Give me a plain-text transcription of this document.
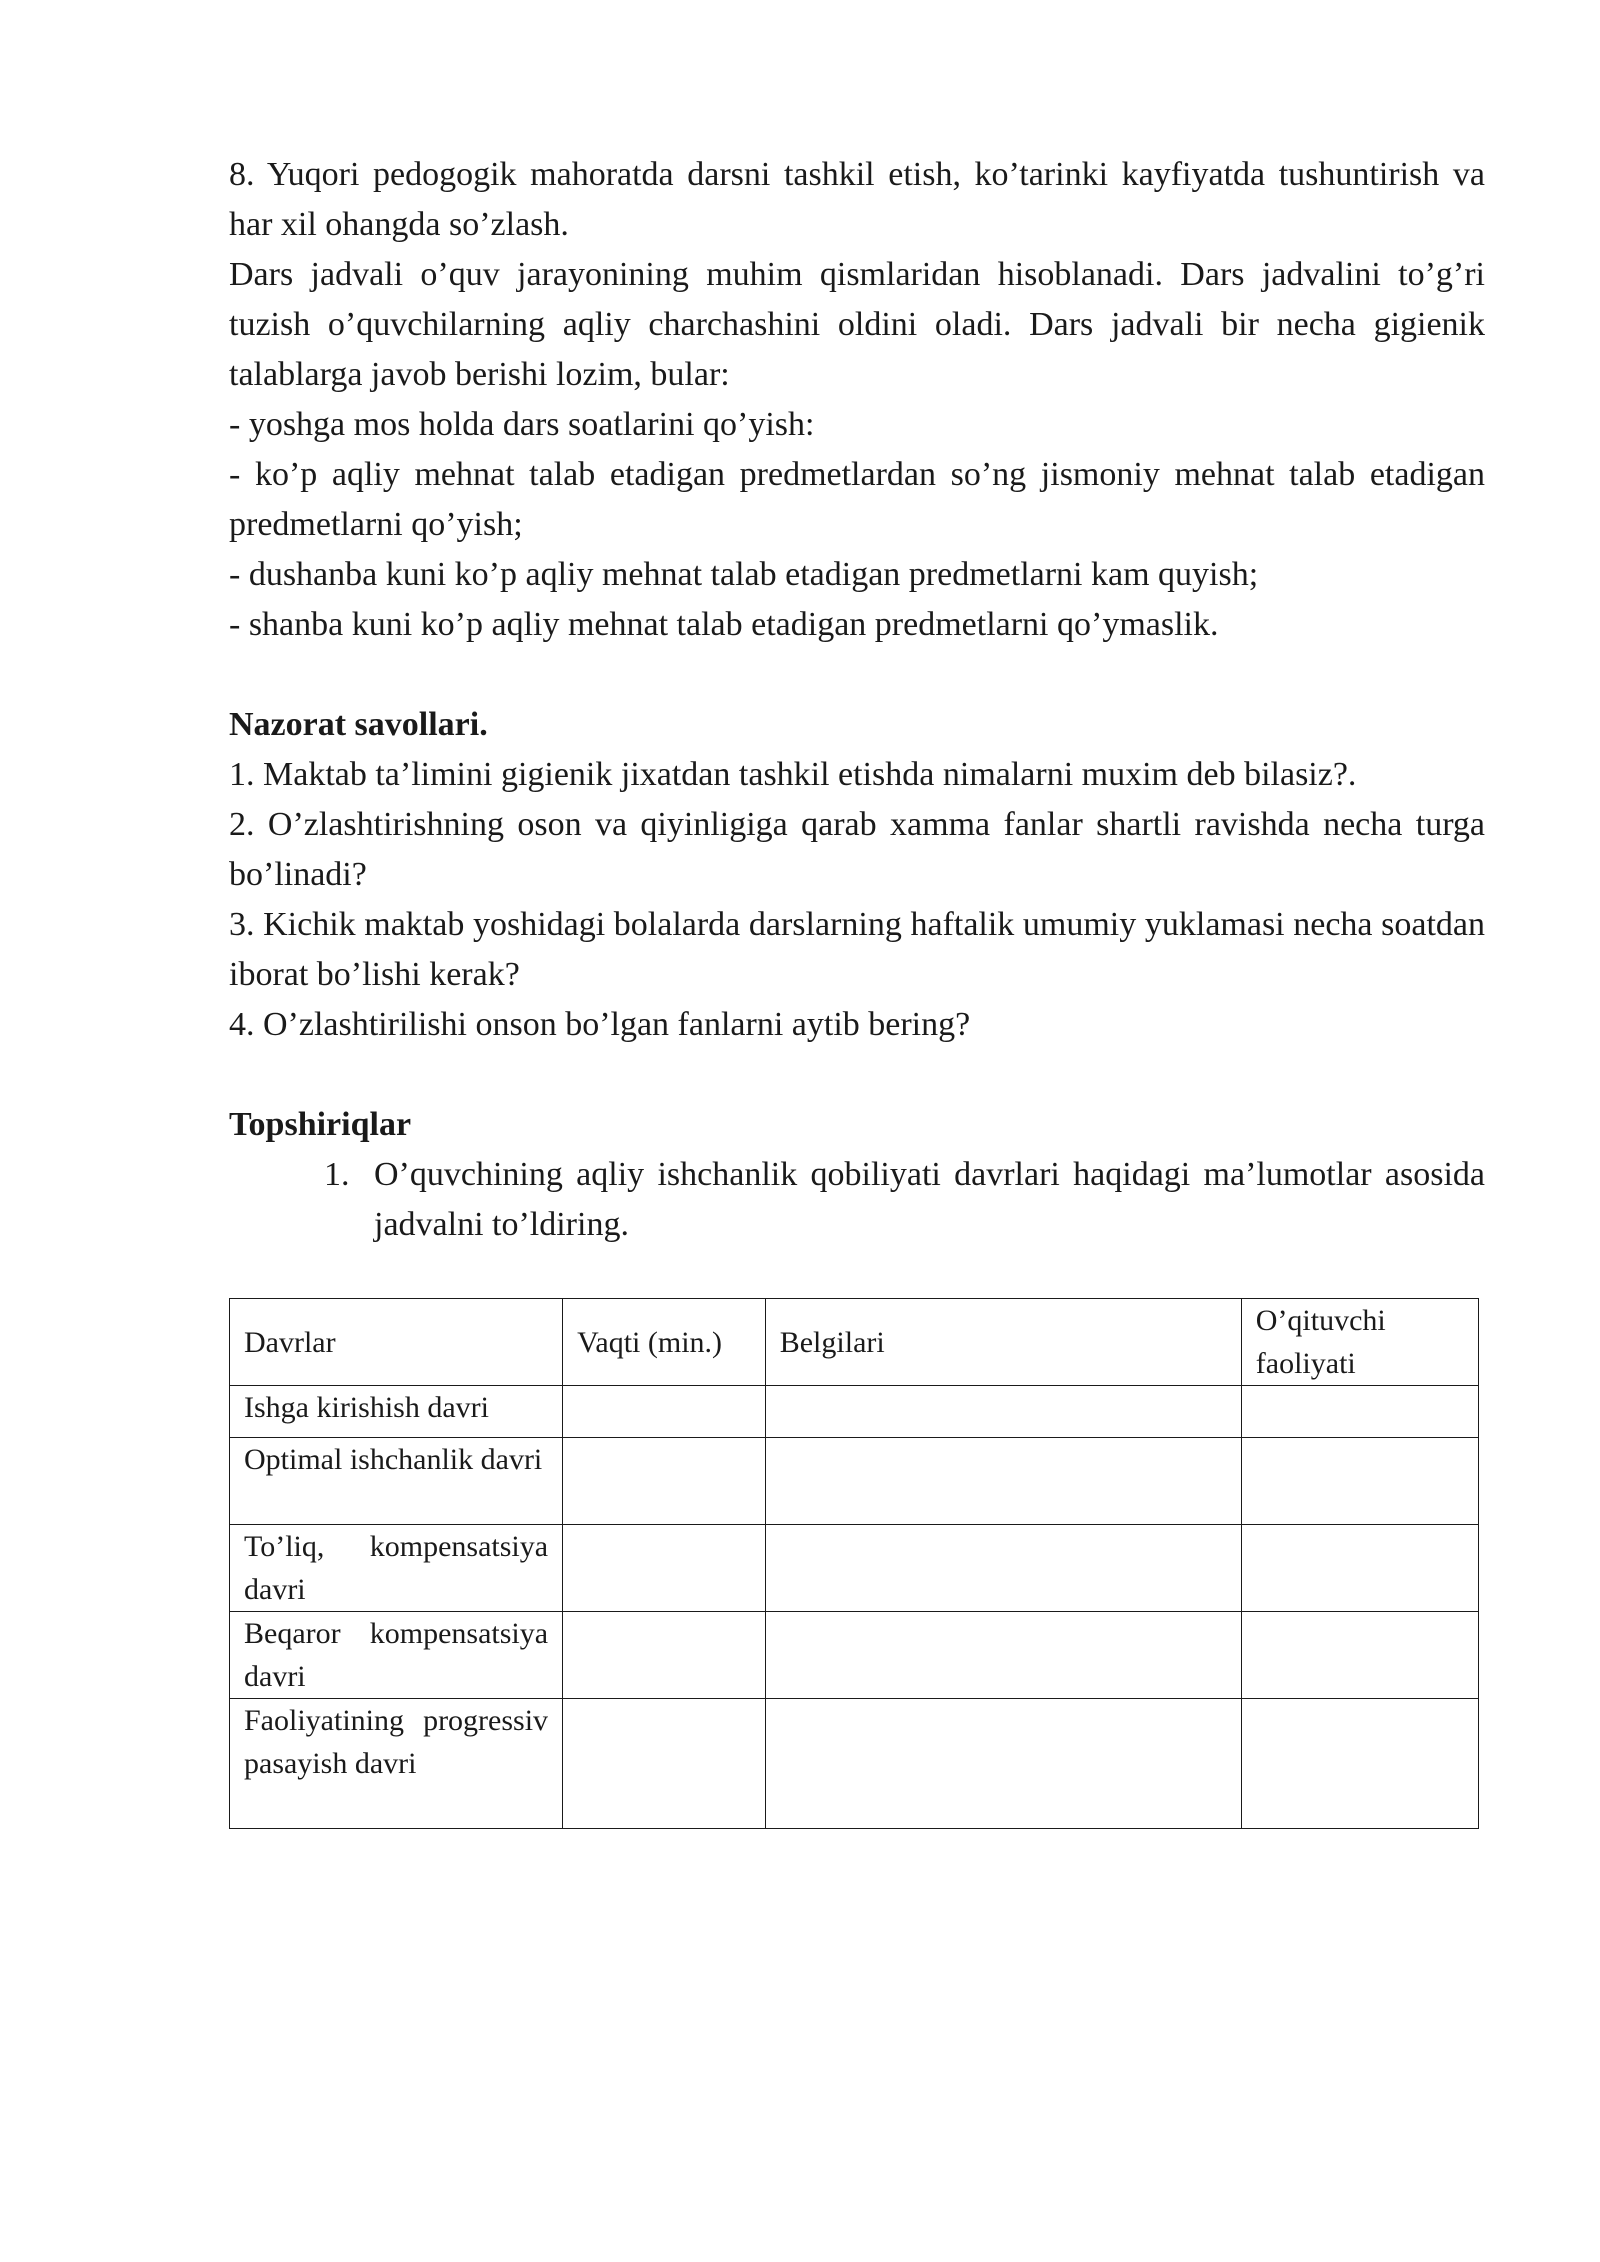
8. Yuqori pedogogik mahoratda darsni tashkil etish, ko’tarinki kayfiyatda tushuntirish va har xil ohangda so’zlash.

Dars jadvali o’quv jarayonining muhim qismlaridan hisoblanadi. Dars jadvalini to’g’ri tuzish o’quvchilarning aqliy charchashini oldini oladi. Dars jadvali bir necha gigienik talablarga javob berishi lozim, bular:

- yoshga mos holda dars soatlarini qo’yish:

- ko’p aqliy mehnat talab etadigan predmetlardan so’ng jismoniy mehnat talab etadigan predmetlarni qo’yish;

- dushanba kuni ko’p aqliy mehnat talab etadigan predmetlarni kam quyish;

- shanba kuni ko’p aqliy mehnat talab etadigan predmetlarni qo’ymaslik.

Nazorat savollari.

1. Maktab ta’limini gigienik jixatdan tashkil etishda nimalarni muxim deb bilasiz?.

2. O’zlashtirishning oson va qiyinligiga qarab xamma fanlar shartli ravishda necha turga bo’linadi?

3. Kichik maktab yoshidagi bolalarda darslarning haftalik umumiy yuklamasi necha soatdan iborat bo’lishi kerak?

4. O’zlashtirilishi onson bo’lgan fanlarni aytib bering?

Topshiriqlar

1. O’quvchining aqliy ishchanlik qobiliyati davrlari haqidagi ma’lumotlar asosida jadvalni to’ldiring.
Davrlar	Vaqti (min.)	Belgilari	O’qituvchi faoliyati
Ishga kirishish davri			
Optimal ishchanlik davri			
To’liq, kompensatsiya davri			
Beqaror kompensatsiya davri			
Faoliyatining progressiv pasayish davri			
